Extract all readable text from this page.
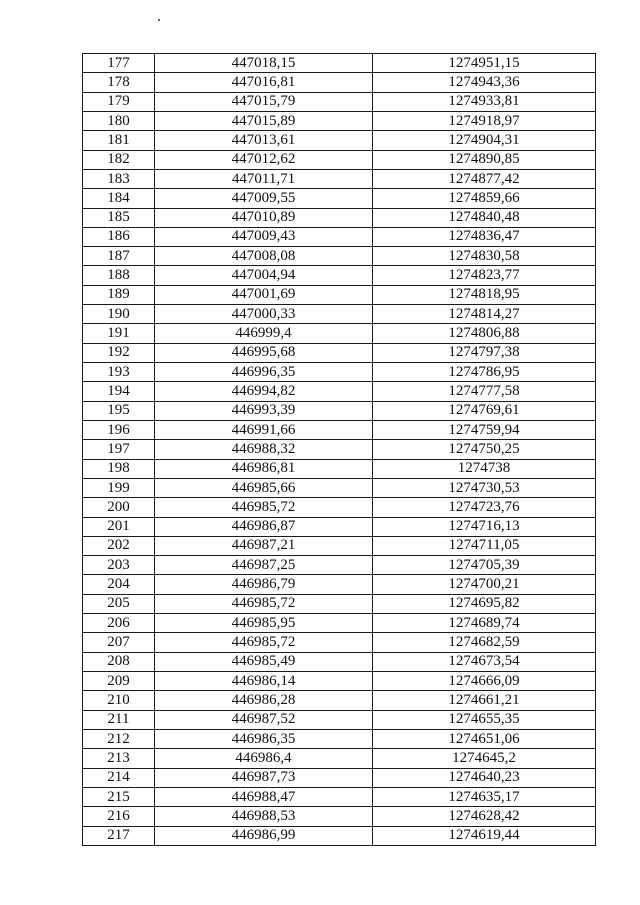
177	447018,15	1274951,15
178	447016,81	1274943,36
179	447015,79	1274933,81
180	447015,89	1274918,97
181	447013,61	1274904,31
182	447012,62	1274890,85
183	447011,71	1274877,42
184	447009,55	1274859,66
185	447010,89	1274840,48
186	447009,43	1274836,47
187	447008,08	1274830,58
188	447004,94	1274823,77
189	447001,69	1274818,95
190	447000,33	1274814,27
191	446999,4	1274806,88
192	446995,68	1274797,38
193	446996,35	1274786,95
194	446994,82	1274777,58
195	446993,39	1274769,61
196	446991,66	1274759,94
197	446988,32	1274750,25
198	446986,81	1274738
199	446985,66	1274730,53
200	446985,72	1274723,76
201	446986,87	1274716,13
202	446987,21	1274711,05
203	446987,25	1274705,39
204	446986,79	1274700,21
205	446985,72	1274695,82
206	446985,95	1274689,74
207	446985,72	1274682,59
208	446985,49	1274673,54
209	446986,14	1274666,09
210	446986,28	1274661,21
211	446987,52	1274655,35
212	446986,35	1274651,06
213	446986,4	1274645,2
214	446987,73	1274640,23
215	446988,47	1274635,17
216	446988,53	1274628,42
217	446986,99	1274619,44
